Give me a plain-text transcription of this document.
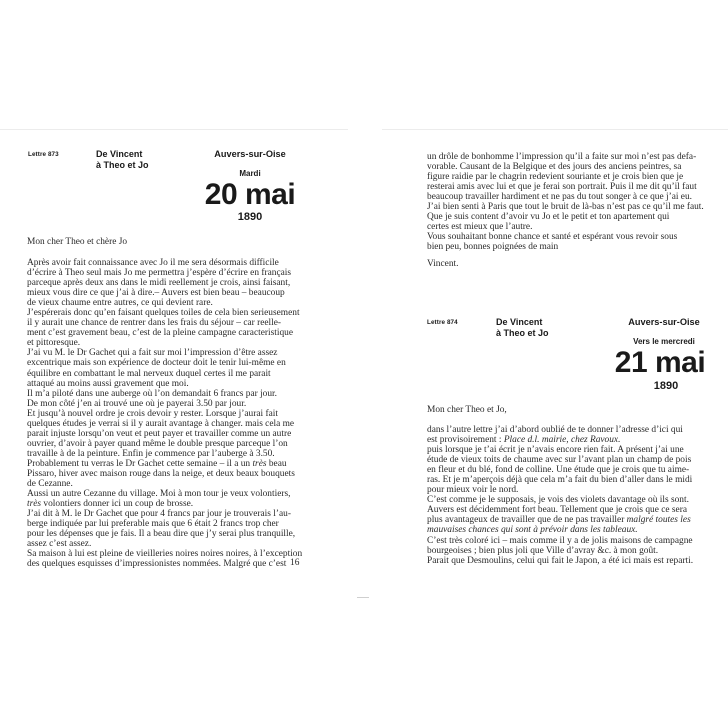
Lettre 873	De Vincent
à Theo et Jo
Auvers-sur-Oise
Mardi
20 mai
1890
Mon cher Theo et chère Jo
Après avoir fait connaissance avec Jo il me sera désormais difficile
d’écrire à Theo seul mais Jo me permettra j’espère d’écrire en français
parceque après deux ans dans le midi reellement je crois, ainsi faisant,
mieux vous dire ce que j’ai à dire.– Auvers est bien beau – beaucoup
de vieux chaume entre autres, ce qui devient rare.
J’espérerais donc qu’en faisant quelques toiles de cela bien serieusement
il y aurait une chance de rentrer dans les frais du séjour – car reelle-
ment c’est gravement beau, c’est de la pleine campagne caracteristique
et pittoresque.
J’ai vu M. le Dr Gachet qui a fait sur moi l’impression d’être assez
excentrique mais son expérience de docteur doit le tenir lui-même en
équilibre en combattant le mal nerveux duquel certes il me parait
attaqué au moins aussi gravement que moi.
Il m’a piloté dans une auberge où l’on demandait 6 francs par jour.
De mon côté j’en ai trouvé une où je payerai 3.50 par jour.
Et jusqu’à nouvel ordre je crois devoir y rester. Lorsque j’aurai fait
quelques études je verrai si il y aurait avantage à changer. mais cela me
parait injuste lorsqu’on veut et peut payer et travailler comme un autre
ouvrier, d’avoir à payer quand même le double presque parceque l’on
travaille à de la peinture. Enfin je commence par l’auberge à 3.50.
Probablement tu verras le Dr Gachet cette semaine – il a un très beau
Pissaro, hiver avec maison rouge dans la neige, et deux beaux bouquets
de Cezanne.
Aussi un autre Cezanne du village. Moi à mon tour je veux volontiers,
très volontiers donner ici un coup de brosse.
J’ai dit à M. le Dr Gachet que pour 4 francs par jour je trouverais l’au-
berge indiquée par lui preferable mais que 6 était 2 francs trop cher
pour les dépenses que je fais. Il a beau dire que j’y serai plus tranquille,
assez c’est assez.
Sa maison à lui est pleine de vieilleries noires noires noires, à l’exception
des quelques esquisses d’impressionistes nommées. Malgré que c’est 16
un drôle de bonhomme l’impression qu’il a faite sur moi n’est pas defa-
vorable. Causant de la Belgique et des jours des anciens peintres, sa
figure raidie par le chagrin redevient souriante et je crois bien que je
resterai amis avec lui et que je ferai son portrait. Puis il me dit qu’il faut
beaucoup travailler hardiment et ne pas du tout songer à ce que j’ai eu.
J’ai bien senti à Paris que tout le bruit de là-bas n’est pas ce qu’il me faut.
Que je suis content d’avoir vu Jo et le petit et ton apartement qui
certes est mieux que l’autre.
Vous souhaitant bonne chance et santé et espérant vous revoir sous
bien peu, bonnes poignées de main
Vincent.
Lettre 874	De Vincent
à Theo et Jo
Auvers-sur-Oise
Vers le mercredi
21 mai
1890
Mon cher Theo et Jo,
dans l’autre lettre j’ai d’abord oublié de te donner l’adresse d’ici qui
est provisoirement : Place d.l. mairie, chez Ravoux.
puis lorsque je t’ai écrit je n’avais encore rien fait. A présent j’ai une
étude de vieux toits de chaume avec sur l’avant plan un champ de pois
en fleur et du blé, fond de colline. Une étude que je crois que tu aime-
ras. Et je m’aperçois déjà que cela m’a fait du bien d’aller dans le midi
pour mieux voir le nord.
C’est comme je le supposais, je vois des violets davantage où ils sont.
Auvers est décidemment fort beau. Tellement que je crois que ce sera
plus avantageux de travailler que de ne pas travailler malgré toutes les
mauvaises chances qui sont à prévoir dans les tableaux.
C’est très coloré ici – mais comme il y a de jolis maisons de campagne
bourgeoises ; bien plus joli que Ville d’avray &c. à mon goût.
Parait que Desmoulins, celui qui fait le Japon, a été ici mais est reparti.
